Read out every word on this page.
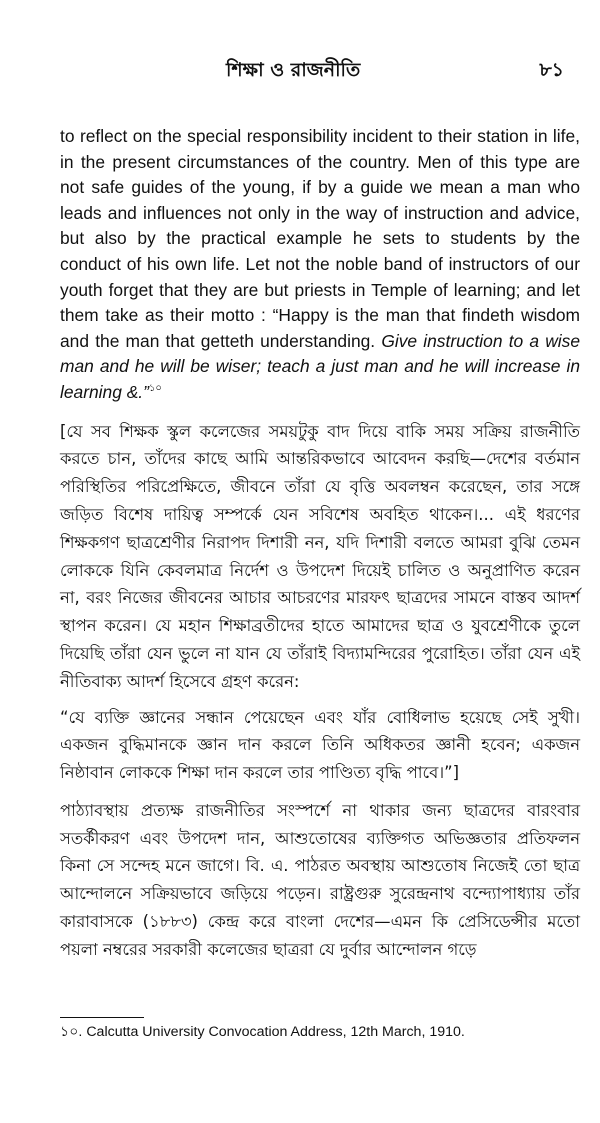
শিক্ষা ও রাজনীতি	৮১

to reflect on the special responsibility incident to their station in life, in the present circumstances of the country. Men of this type are not safe guides of the young, if by a guide we mean a man who leads and influences not only in the way of instruction and advice, but also by the practical example he sets to students by the conduct of his own life. Let not the noble band of instructors of our youth forget that they are but priests in Temple of learning; and let them take as their motto : “Happy is the man that findeth wisdom and the man that getteth understanding. Give instruction to a wise man and he will be wiser; teach a just man and he will increase in learning &.”$^{১০}$

[যে সব শিক্ষক স্কুল কলেজের সময়টুকু বাদ দিয়ে বাকি সময় সক্রিয় রাজনীতি করতে চান, তাঁদের কাছে আমি আন্তরিকভাবে আবেদন করছি—দেশের বর্তমান পরিস্থিতির পরিপ্রেক্ষিতে, জীবনে তাঁরা যে বৃত্তি অবলম্বন করেছেন, তার সঙ্গে জড়িত বিশেষ দায়িত্ব সম্পর্কে যেন সবিশেষ অবহিত থাকেন।... এই ধরণের শিক্ষকগণ ছাত্রশ্রেণীর নিরাপদ দিশারী নন, যদি দিশারী বলতে আমরা বুঝি তেমন লোককে যিনি কেবলমাত্র নির্দেশ ও উপদেশ দিয়েই চালিত ও অনুপ্রাণিত করেন না, বরং নিজের জীবনের আচার আচরণের মারফৎ ছাত্রদের সামনে বাস্তব আদর্শ স্থাপন করেন। যে মহান শিক্ষাব্রতীদের হাতে আমাদের ছাত্র ও যুবশ্রেণীকে তুলে দিয়েছি তাঁরা যেন ভুলে না যান যে তাঁরাই বিদ্যামন্দিরের পুরোহিত। তাঁরা যেন এই নীতিবাক্য আদর্শ হিসেবে গ্রহণ করেন:

“যে ব্যক্তি জ্ঞানের সন্ধান পেয়েছেন এবং যাঁর বোধিলাভ হয়েছে সেই সুখী। একজন বুদ্ধিমানকে জ্ঞান দান করলে তিনি অধিকতর জ্ঞানী হবেন; একজন নিষ্ঠাবান লোককে শিক্ষা দান করলে তার পাণ্ডিত্য বৃদ্ধি পাবে।”]

পাঠ্যাবস্থায় প্রত্যক্ষ রাজনীতির সংস্পর্শে না থাকার জন্য ছাত্রদের বারংবার সতর্কীকরণ এবং উপদেশ দান, আশুতোষের ব্যক্তিগত অভিজ্ঞতার প্রতিফলন কিনা সে সন্দেহ মনে জাগে। বি. এ. পাঠরত অবস্থায় আশুতোষ নিজেই তো ছাত্র আন্দোলনে সক্রিয়ভাবে জড়িয়ে পড়েন। রাষ্ট্রগুরু সুরেন্দ্রনাথ বন্দ্যোপাধ্যায় তাঁর কারাবাসকে (১৮৮৩) কেন্দ্র করে বাংলা দেশের—এমন কি প্রেসিডেন্সীর মতো পয়লা নম্বরের সরকারী কলেজের ছাত্ররা যে দুর্বার আন্দোলন গড়ে

১০. Calcutta University Convocation Address, 12th March, 1910.
